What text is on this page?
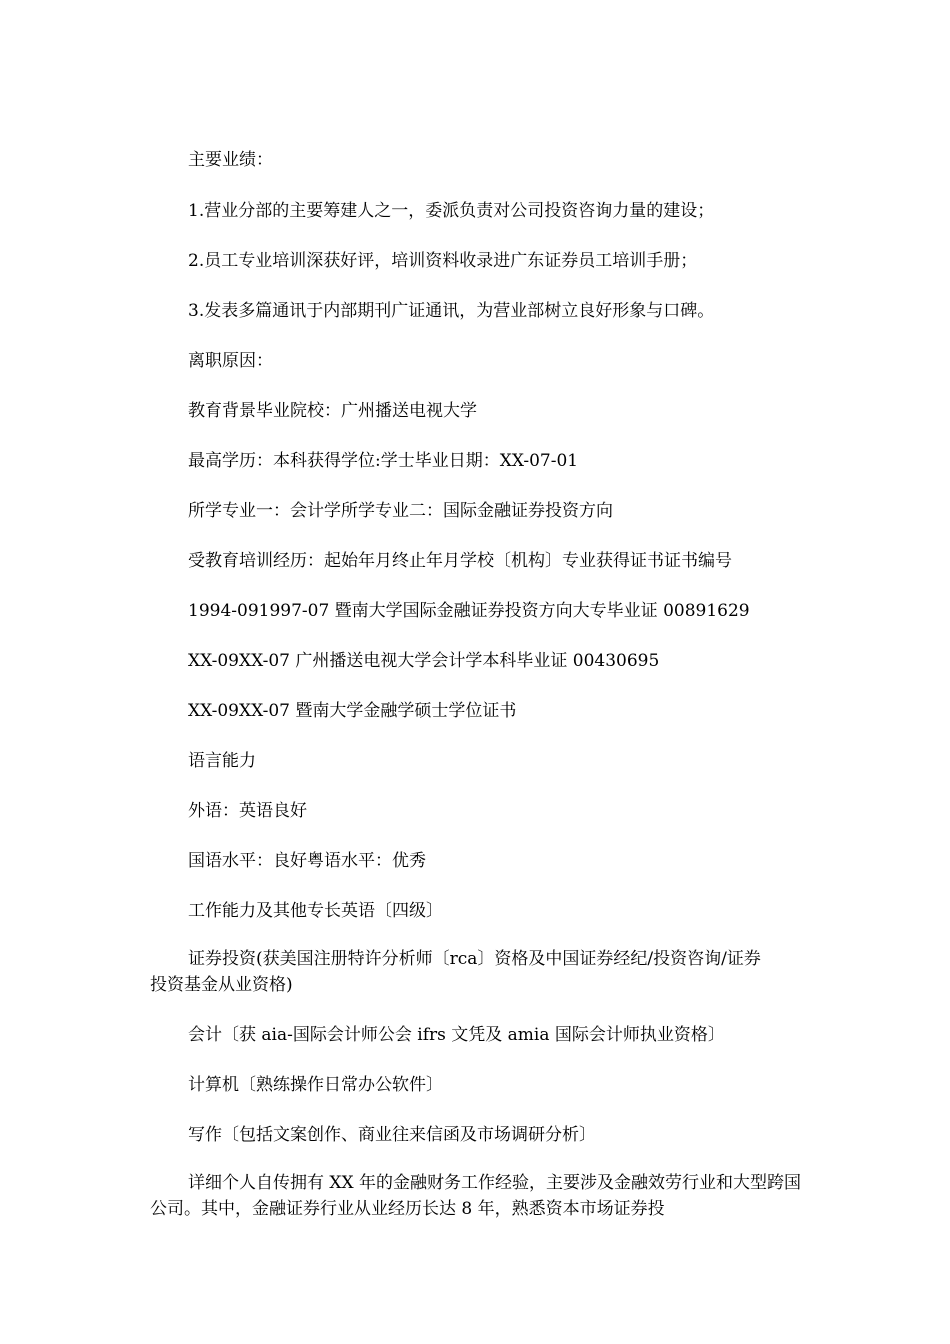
主要业绩：

1.营业分部的主要筹建人之一，委派负责对公司投资咨询力量的建设；

2.员工专业培训深获好评，培训资料收录进广东证券员工培训手册；

3.发表多篇通讯于内部期刊广证通讯，为营业部树立良好形象与口碑。

离职原因：

教育背景毕业院校：广州播送电视大学

最高学历：本科获得学位:学士毕业日期：XX-07-01

所学专业一：会计学所学专业二：国际金融证券投资方向

受教育培训经历：起始年月终止年月学校〔机构〕专业获得证书证书编号

1994-091997-07 暨南大学国际金融证券投资方向大专毕业证 00891629

XX-09XX-07 广州播送电视大学会计学本科毕业证 00430695

XX-09XX-07 暨南大学金融学硕士学位证书

语言能力

外语：英语良好

国语水平：良好粤语水平：优秀

工作能力及其他专长英语〔四级〕

证券投资(获美国注册特许分析师〔rca〕资格及中国证券经纪/投资咨询/证券投资基金从业资格)

会计〔获 aia-国际会计师公会 ifrs 文凭及 amia 国际会计师执业资格〕

计算机〔熟练操作日常办公软件〕

写作〔包括文案创作、商业往来信函及市场调研分析〕

详细个人自传拥有 XX 年的金融财务工作经验，主要涉及金融效劳行业和大型跨国公司。其中，金融证券行业从业经历长达 8 年，熟悉资本市场证券投
